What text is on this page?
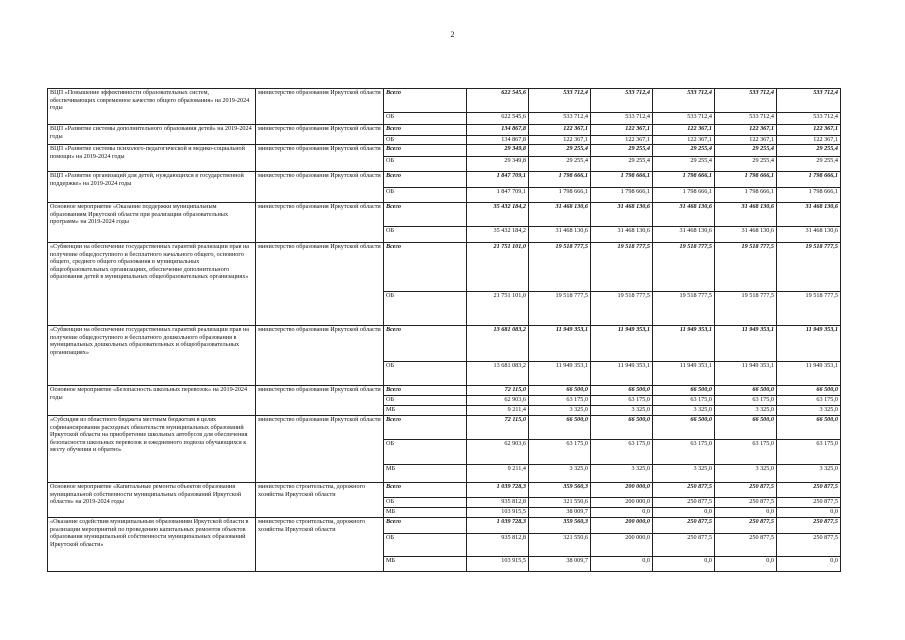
2
ВЦП «Повышение эффективности образовательных систем, обеспечивающих современное качество общего образования» на 2019-2024 годы	министерство образования Иркутской области	Всего	622 545,6	533 712,4	533 712,4	533 712,4	533 712,4	533 712,4
		ОБ	622 545,6	533 712,4	533 712,4	533 712,4	533 712,4	533 712,4
ВЦП «Развитие системы дополнительного образования детей» на 2019-2024 годы	министерство образования Иркутской области	Всего	134 867,8	122 367,1	122 367,1	122 367,1	122 367,1	122 367,1
		ОБ	134 867,8	122 367,1	122 367,1	122 367,1	122 367,1	122 367,1
ВЦП «Развитие системы психолого-педагогической и медико-социальной помощи» на 2019-2024 годы	министерство образования Иркутской области	Всего	29 349,8	29 255,4	29 255,4	29 255,4	29 255,4	29 255,4
		ОБ	29 349,8	29 255,4	29 255,4	29 255,4	29 255,4	29 255,4
ВЦП «Развитие организаций для детей, нуждающихся в государственной поддержке» на 2019-2024 годы	министерство образования Иркутской области	Всего	1 847 709,1	1 798 666,1	1 798 666,1	1 798 666,1	1 798 666,1	1 798 666,1
		ОБ	1 847 709,1	1 798 666,1	1 798 666,1	1 798 666,1	1 798 666,1	1 798 666,1
Основное мероприятие «Оказание поддержки муниципальным образованиям Иркутской области при реализации образовательных программ» на 2019-2024 годы	министерство образования Иркутской области	Всего	35 432 184,2	31 468 130,6	31 468 130,6	31 468 130,6	31 468 130,6	31 468 130,6
		ОБ	35 432 184,2	31 468 130,6	31 468 130,6	31 468 130,6	31 468 130,6	31 468 130,6
«Субвенции на обеспечение государственных гарантий реализации прав на получение общедоступного и бесплатного начального общего, основного общего, среднего общего образования в муниципальных общеобразовательных организациях, обеспечение дополнительного образования детей в муниципальных общеобразовательных организациях»	министерство образования Иркутской области	Всего	21 751 101,0	19 518 777,5	19 518 777,5	19 518 777,5	19 518 777,5	19 518 777,5
		ОБ	21 751 101,0	19 518 777,5	19 518 777,5	19 518 777,5	19 518 777,5	19 518 777,5
«Субвенции на обеспечение государственных гарантий реализации прав на получение общедоступного и бесплатного дошкольного образования в муниципальных дошкольных образовательных и общеобразовательных организациях»	министерство образования Иркутской области	Всего	13 681 083,2	11 949 353,1	11 949 353,1	11 949 353,1	11 949 353,1	11 949 353,1
		ОБ	13 681 083,2	11 949 353,1	11 949 353,1	11 949 353,1	11 949 353,1	11 949 353,1
Основное мероприятие «Безопасность школьных перевозок» на 2019-2024 годы	министерство образования Иркутской области	Всего	72 115,0	66 500,0	66 500,0	66 500,0	66 500,0	66 500,0
		ОБ	62 903,6	63 175,0	63 175,0	63 175,0	63 175,0	63 175,0
		МБ	9 211,4	3 325,0	3 325,0	3 325,0	3 325,0	3 325,0
«Субсидия из областного бюджета местным бюджетам в целях софинансирования расходных обязательств муниципальных образований Иркутской области на приобретение школьных автобусов для обеспечения безопасности школьных перевозок и ежедневного подвоза обучающихся к месту обучения и обратно»	министерство образования Иркутской области	Всего	72 115,0	66 500,0	66 500,0	66 500,0	66 500,0	66 500,0
		ОБ	62 903,6	63 175,0	63 175,0	63 175,0	63 175,0	63 175,0
		МБ	9 211,4	3 325,0	3 325,0	3 325,0	3 325,0	3 325,0
Основное мероприятие «Капитальные ремонты объектов образования муниципальной собственности муниципальных образований Иркутской области» на 2019-2024 годы	министерство строительства, дорожного хозяйства Иркутской области	Всего	1 039 728,3	359 560,3	200 000,0	250 877,5	250 877,5	250 877,5
		ОБ	935 812,8	321 550,6	200 000,0	250 877,5	250 877,5	250 877,5
		МБ	103 915,5	38 009,7	0,0	0,0	0,0	0,0
«Оказание содействия муниципальным образованиям Иркутской области в реализации мероприятий по проведению капитальных ремонтов объектов образования муниципальной собственности муниципальных образований Иркутской области»	министерство строительства, дорожного хозяйства Иркутской области	Всего	1 039 728,3	359 560,3	200 000,0	250 877,5	250 877,5	250 877,5
		ОБ	935 812,8	321 550,6	200 000,0	250 877,5	250 877,5	250 877,5
		МБ	103 915,5	38 009,7	0,0	0,0	0,0	0,0
